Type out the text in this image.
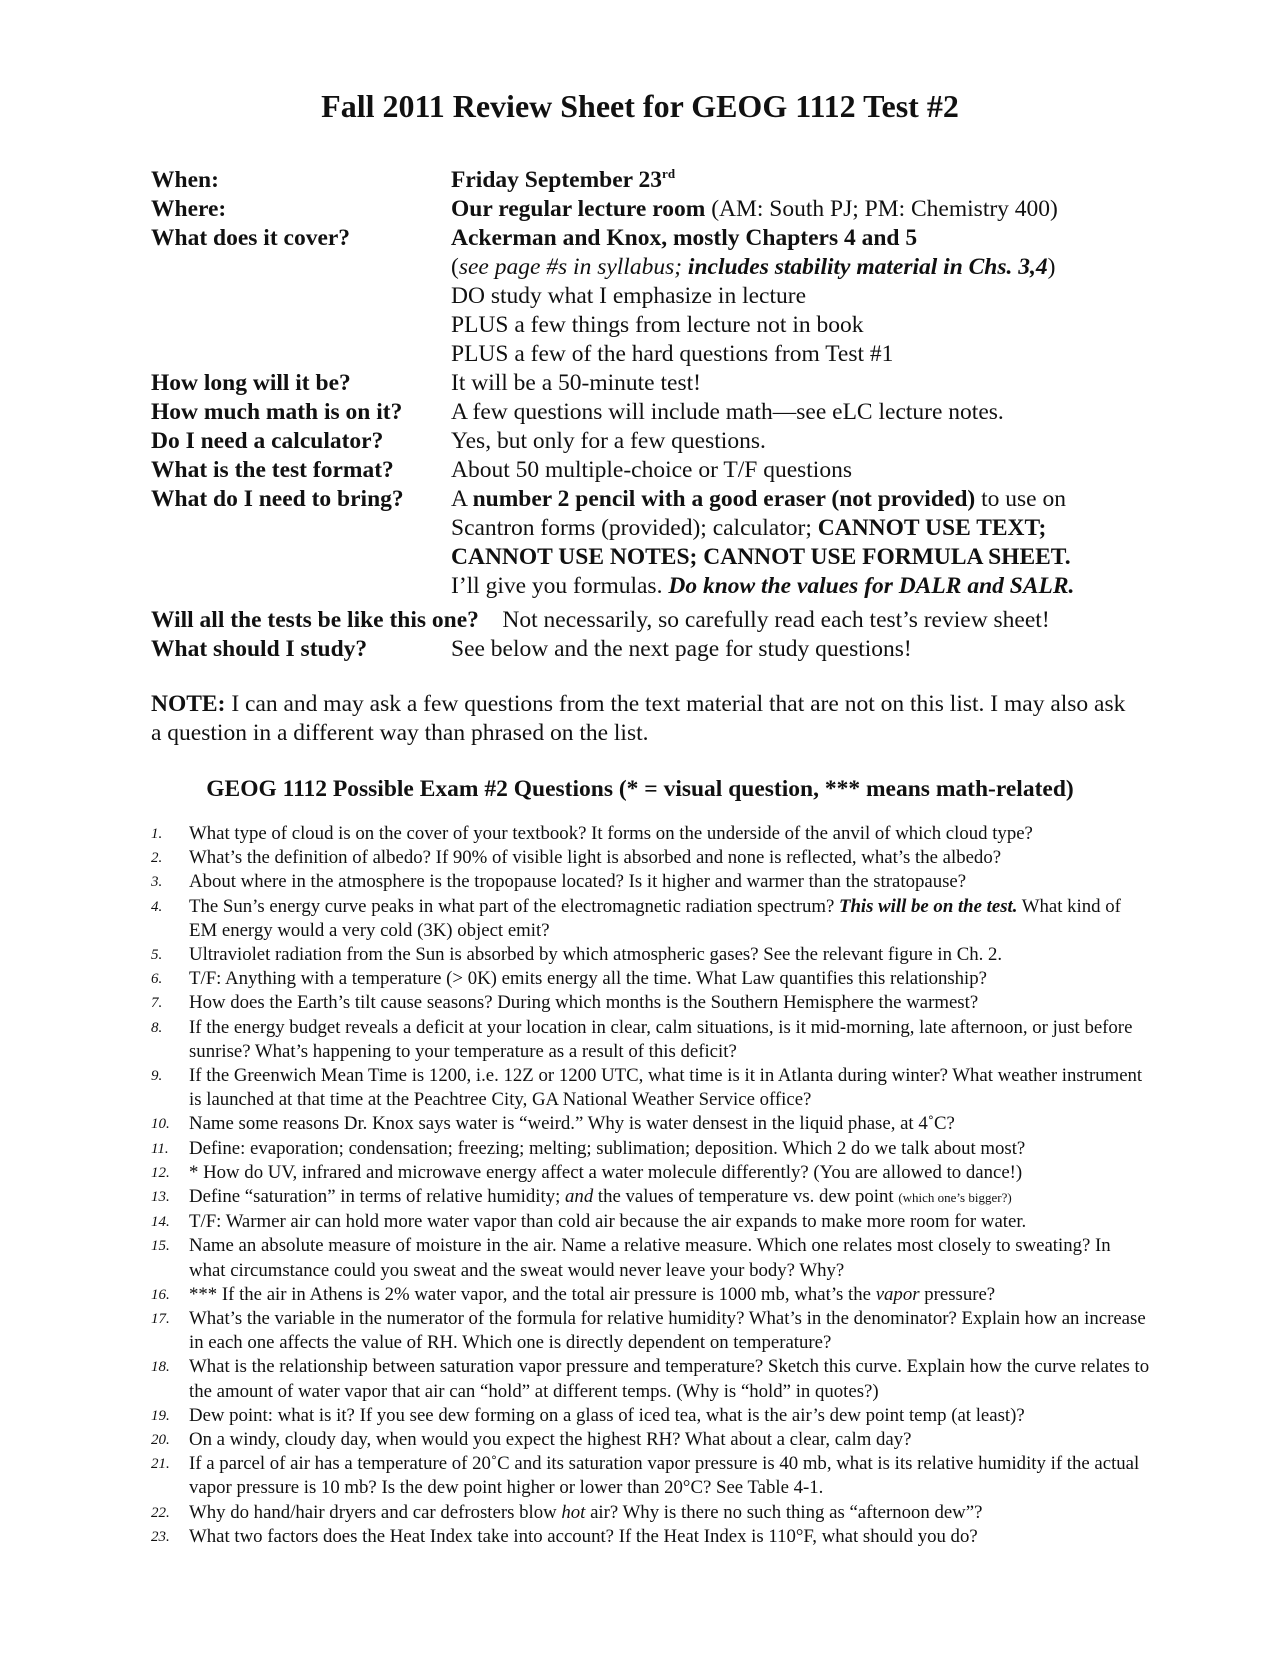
Fall 2011 Review Sheet for GEOG 1112 Test #2
When:	Friday September 23rd
Where:	Our regular lecture room (AM: South PJ; PM: Chemistry 400)
What does it cover?	Ackerman and Knox, mostly Chapters 4 and 5
(see page #s in syllabus; includes stability material in Chs. 3,4)
DO study what I emphasize in lecture
PLUS a few things from lecture not in book
PLUS a few of the hard questions from Test #1
How long will it be?	It will be a 50-minute test!
How much math is on it?	A few questions will include math—see eLC lecture notes.
Do I need a calculator?	Yes, but only for a few questions.
What is the test format?	About 50 multiple-choice or T/F questions
What do I need to bring?	A number 2 pencil with a good eraser (not provided) to use on
Scantron forms (provided); calculator; CANNOT USE TEXT;
CANNOT USE NOTES; CANNOT USE FORMULA SHEET.
I’ll give you formulas. Do know the values for DALR and SALR.
Will all the tests be like this one? Not necessarily, so carefully read each test’s review sheet!
What should I study?	See below and the next page for study questions!

NOTE: I can and may ask a few questions from the text material that are not on this list. I may also ask a question in a different way than phrased on the list.

GEOG 1112 Possible Exam #2 Questions (* = visual question, *** means math-related)
1.	What type of cloud is on the cover of your textbook? It forms on the underside of the anvil of which cloud type?
2.	What’s the definition of albedo? If 90% of visible light is absorbed and none is reflected, what’s the albedo?
3.	About where in the atmosphere is the tropopause located? Is it higher and warmer than the stratopause?
4.	The Sun’s energy curve peaks in what part of the electromagnetic radiation spectrum? This will be on the test. What kind of EM energy would a very cold (3K) object emit?
5.	Ultraviolet radiation from the Sun is absorbed by which atmospheric gases? See the relevant figure in Ch. 2.
6.	T/F: Anything with a temperature (> 0K) emits energy all the time. What Law quantifies this relationship?
7.	How does the Earth’s tilt cause seasons? During which months is the Southern Hemisphere the warmest?
8.	If the energy budget reveals a deficit at your location in clear, calm situations, is it mid-morning, late afternoon, or just before sunrise? What’s happening to your temperature as a result of this deficit?
9.	If the Greenwich Mean Time is 1200, i.e. 12Z or 1200 UTC, what time is it in Atlanta during winter? What weather instrument is launched at that time at the Peachtree City, GA National Weather Service office?
10.	Name some reasons Dr. Knox says water is “weird.” Why is water densest in the liquid phase, at 4˚C?
11.	Define: evaporation; condensation; freezing; melting; sublimation; deposition. Which 2 do we talk about most?
12.	* How do UV, infrared and microwave energy affect a water molecule differently? (You are allowed to dance!)
13.	Define “saturation” in terms of relative humidity; and the values of temperature vs. dew point (which one’s bigger?)
14.	T/F: Warmer air can hold more water vapor than cold air because the air expands to make more room for water.
15.	Name an absolute measure of moisture in the air. Name a relative measure. Which one relates most closely to sweating? In what circumstance could you sweat and the sweat would never leave your body? Why?
16.	*** If the air in Athens is 2% water vapor, and the total air pressure is 1000 mb, what’s the vapor pressure?
17.	What’s the variable in the numerator of the formula for relative humidity? What’s in the denominator? Explain how an increase in each one affects the value of RH. Which one is directly dependent on temperature?
18.	What is the relationship between saturation vapor pressure and temperature? Sketch this curve. Explain how the curve relates to the amount of water vapor that air can “hold” at different temps. (Why is “hold” in quotes?)
19.	Dew point: what is it? If you see dew forming on a glass of iced tea, what is the air’s dew point temp (at least)?
20.	On a windy, cloudy day, when would you expect the highest RH? What about a clear, calm day?
21.	If a parcel of air has a temperature of 20˚C and its saturation vapor pressure is 40 mb, what is its relative humidity if the actual vapor pressure is 10 mb? Is the dew point higher or lower than 20°C? See Table 4-1.
22.	Why do hand/hair dryers and car defrosters blow hot air? Why is there no such thing as “afternoon dew”?
23.	What two factors does the Heat Index take into account? If the Heat Index is 110°F, what should you do?
